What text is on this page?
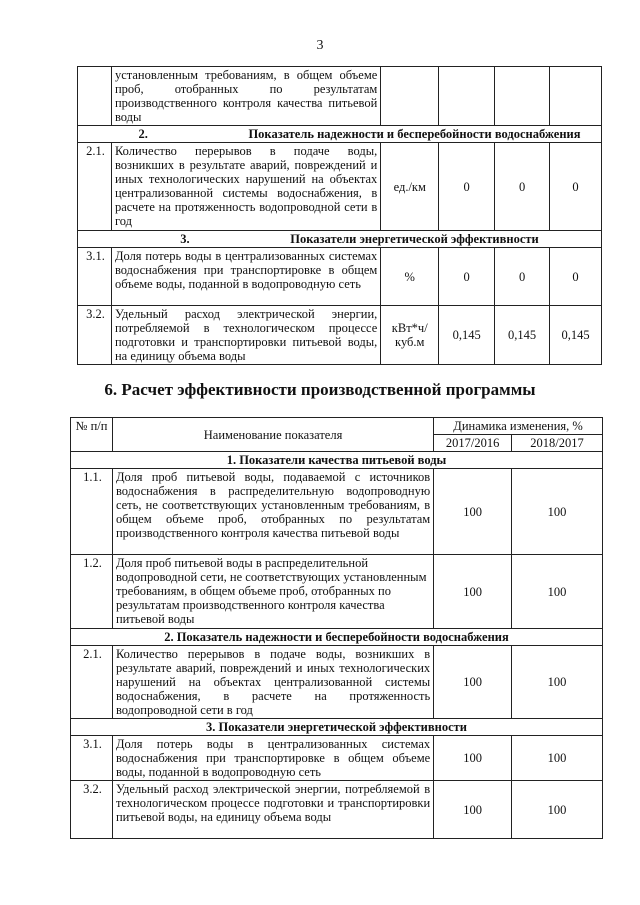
3
	установленным требованиям, в общем объеме проб, отобранных по результатам производственного контроля качества питьевой воды				
2. Показатель надежности и бесперебойности водоснабжения					
2.1.	Количество перерывов в подаче воды, возникших в результате аварий, повреждений и иных технологических нарушений на объектах централизованной системы водоснабжения, в расчете на протяженность водопроводной сети в год	ед./км	0	0	0
3. Показатели энергетической эффективности					
3.1.	Доля потерь воды в централизованных системах водоснабжения при транспортировке в общем объеме воды, поданной в водопроводную сеть	%	0	0	0
3.2.	Удельный расход электрической энергии, потребляемой в технологическом процессе подготовки и транспортировки питьевой воды, на единицу объема воды	кВт*ч/ куб.м	0,145	0,145	0,145
6. Расчет эффективности производственной программы
№ п/п	Наименование показателя	Динамика изменения, %	
		2017/2016	2018/2017
1. Показатели качества питьевой воды			
1.1.	Доля проб питьевой воды, подаваемой с источников водоснабжения в распределительную водопроводную сеть, не соответствующих установленным требованиям, в общем объеме проб, отобранных по результатам производственного контроля качества питьевой воды	100	100
1.2.	Доля проб питьевой воды в распределительной водопроводной сети, не соответствующих установленным требованиям, в общем объеме проб, отобранных по результатам производственного контроля качества питьевой воды	100	100
2. Показатель надежности и бесперебойности водоснабжения			
2.1.	Количество перерывов в подаче воды, возникших в результате аварий, повреждений и иных технологических нарушений на объектах централизованной системы водоснабжения, в расчете на протяженность водопроводной сети в год	100	100
3. Показатели энергетической эффективности			
3.1.	Доля потерь воды в централизованных системах водоснабжения при транспортировке в общем объеме воды, поданной в водопроводную сеть	100	100
3.2.	Удельный расход электрической энергии, потребляемой в технологическом процессе подготовки и транспортировки питьевой воды, на единицу объема воды	100	100
